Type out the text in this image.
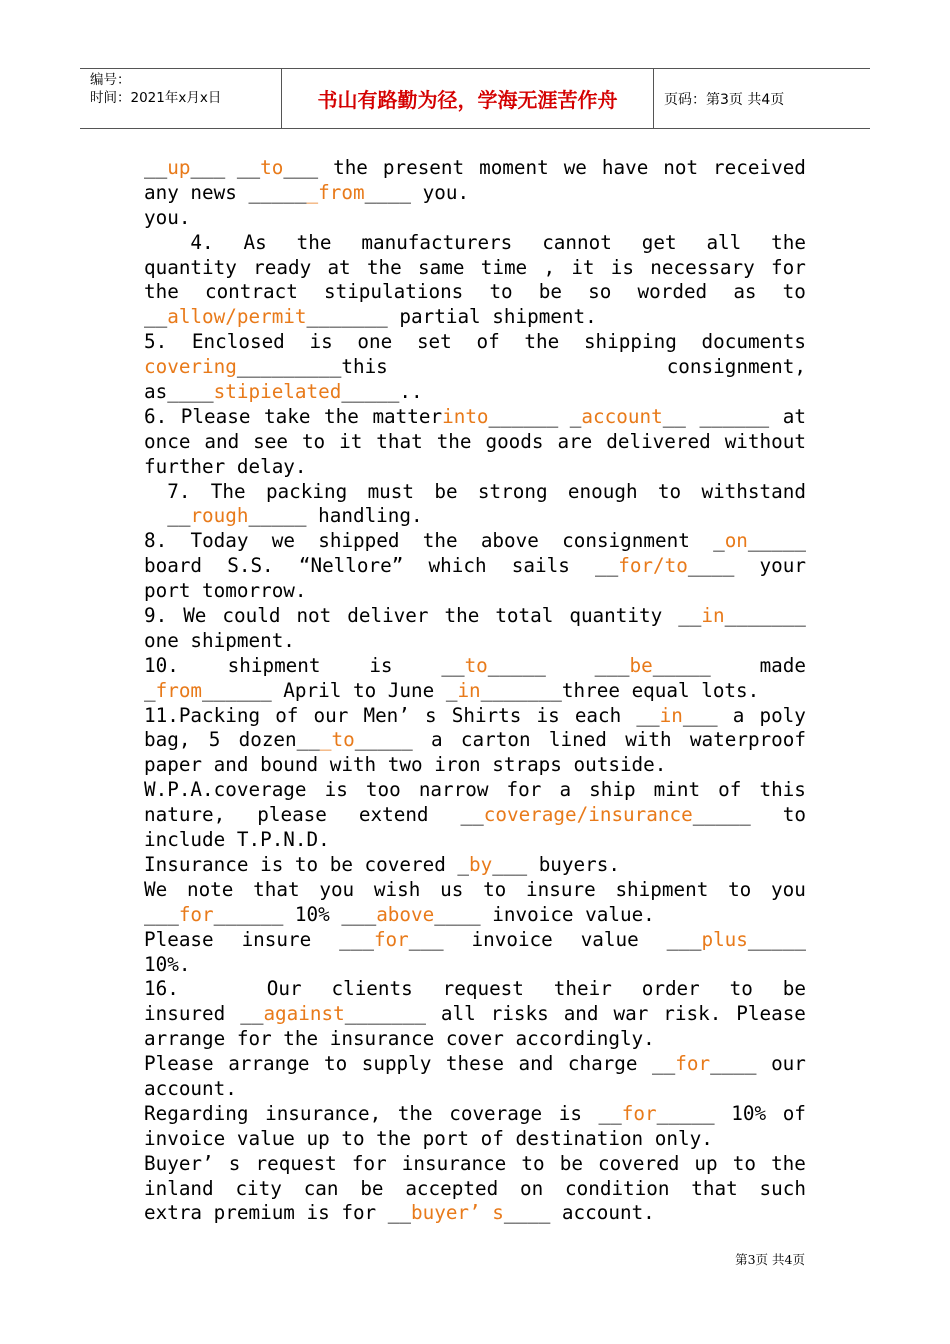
编号：
时间：2021年x月x日	书山有路勤为径，学海无涯苦作舟	页码：第3页 共4页
__up___ __to___ the present moment we have not received
any news ______from____ you.
you.
4. As the manufacturers cannot get all the
quantity ready at the same time , it is necessary for
the contract stipulations to be so worded as to
__allow/permit_______ partial shipment.
5. Enclosed is one set of the shipping documents
covering_________this	consignment,
as____stipielated_____..
6. Please take the matterinto______ _account__ ______ at
once and see to it that the goods are delivered without
further delay.
7. The packing must be strong enough to withstand
__rough_____ handling.
8. Today we shipped the above consignment _on_____
board S.S. “Nellore” which sails __for/to____ your
port tomorrow.
9. We could not deliver the total quantity __in_______
one shipment.
10.	shipment	is	__to_____	___be_____	made
_from______ April to June _in_______three equal lots.
11.Packing of our Men’ s Shirts is each __in___ a poly
bag, 5 dozen___to_____ a carton lined with waterproof
paper and bound with two iron straps outside.
W.P.A.coverage is too narrow for a ship mint of this
nature, please extend __coverage/insurance_____ to
include T.P.N.D.
Insurance is to be covered _by___ buyers.
We note that you wish us to insure shipment to you
___for______ 10% ___above____ invoice value.
Please insure ___for___ invoice value ___plus_____
10%.
16. Our clients request their order to be
insured __against_______ all risks and war risk. Please
arrange for the insurance cover accordingly.
Please arrange to supply these and charge __for____ our
account.
Regarding insurance, the coverage is __for_____ 10% of
invoice value up to the port of destination only.
Buyer’ s request for insurance to be covered up to the
inland city can be accepted on condition that such
extra premium is for __buyer’ s____ account.
第3页 共4页
